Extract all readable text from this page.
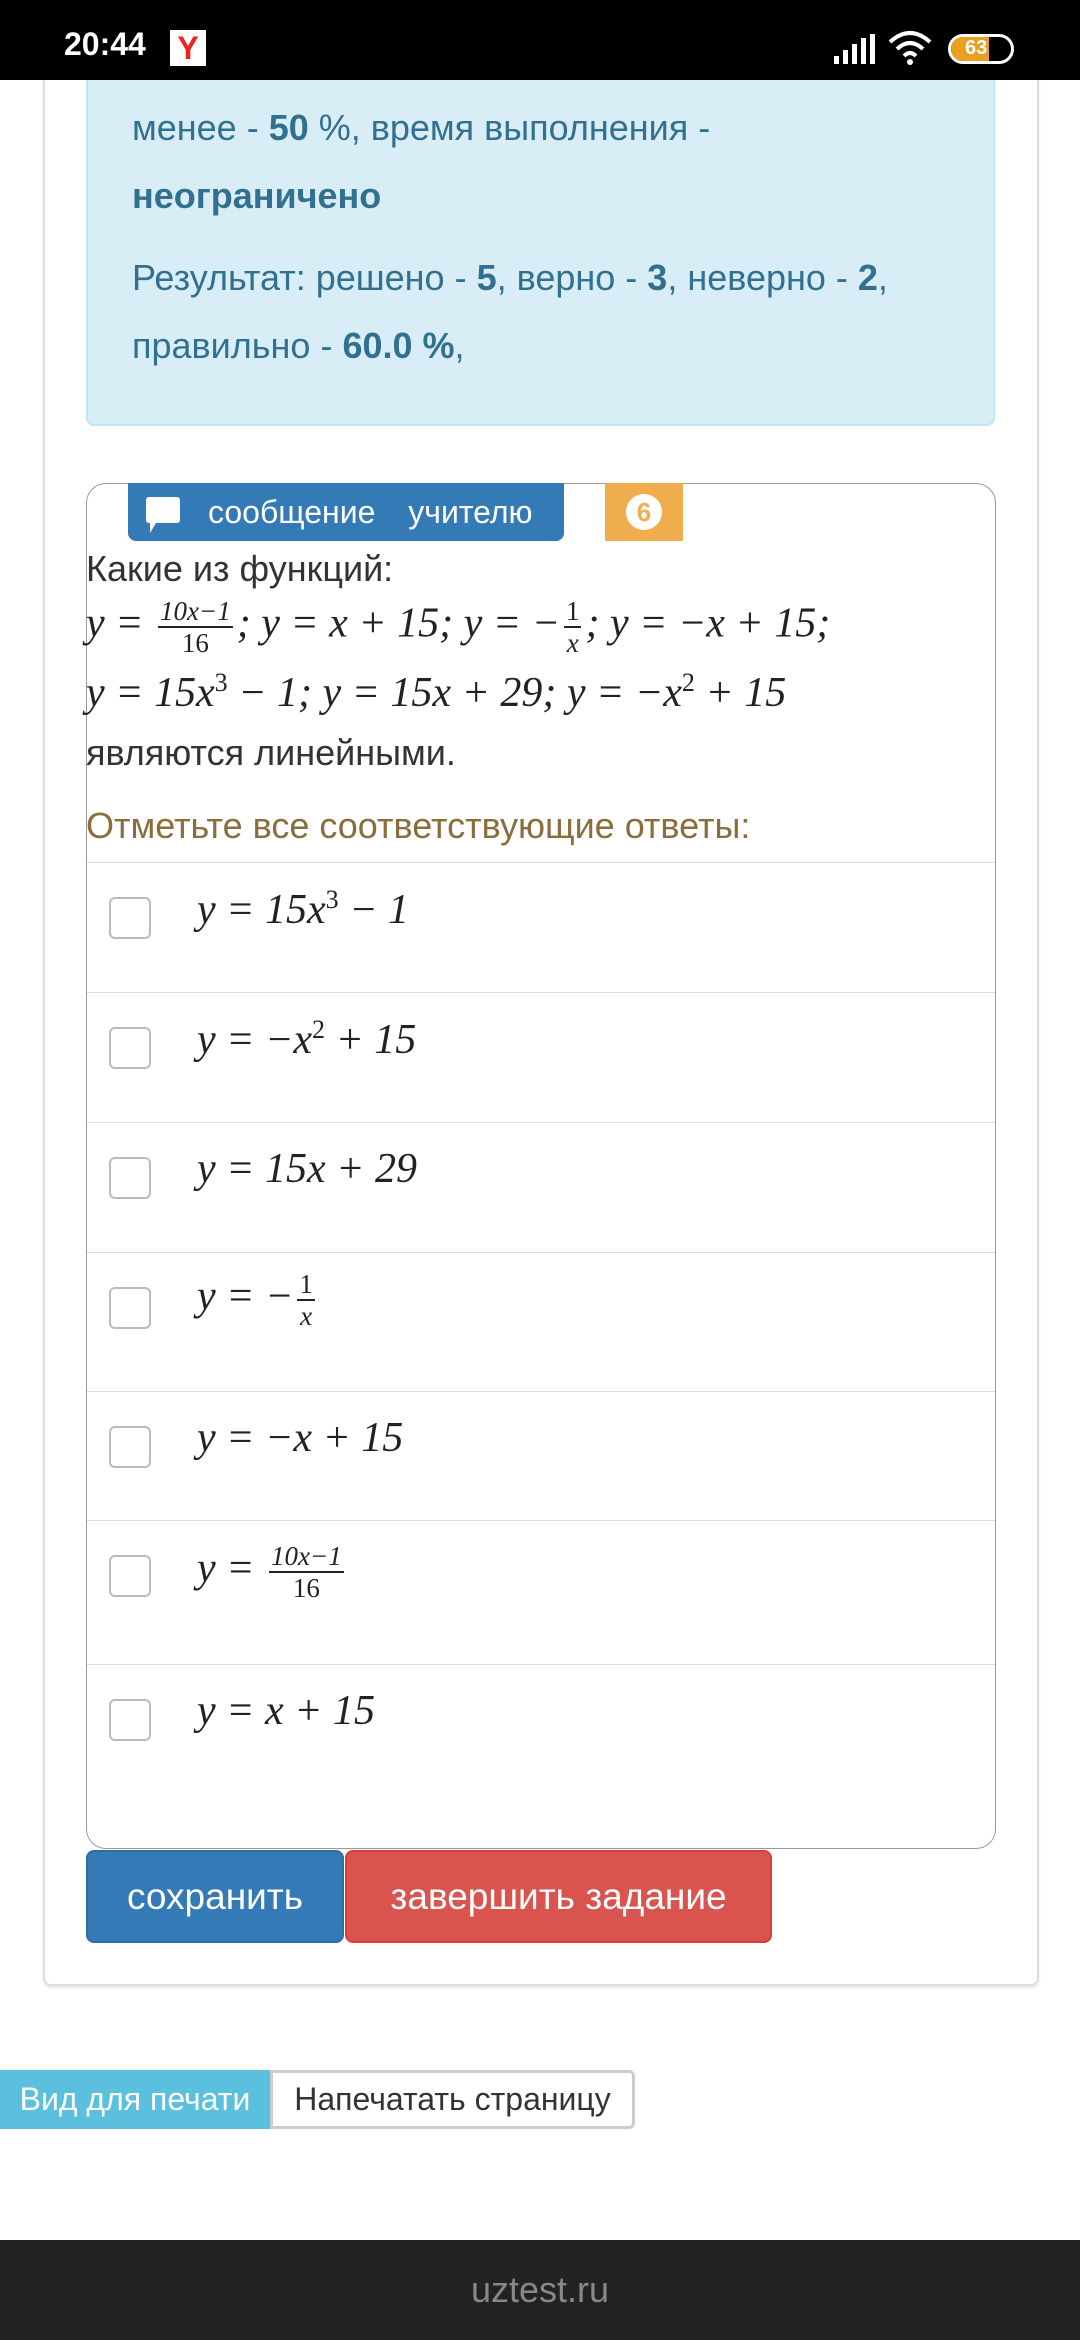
менее - 50 %, время выполнения -
неограничено

Результат: решено - 5, верно - 3, неверно - 2,
правильно - 60.0 %,

20:44 Y	63
сообщение учителю	6
Какие из функций:
$y = \frac{10x-1}{16}$ ; y = x + 15; y = − $\frac{1}{x}$ ; y = −x + 15;
$y = 15x^3 - 1$; y = 15x + 29; $y = -x^2 + 15$
являются линейными.
Отметьте все соответствующие ответы:
$y = 15x^3 - 1$
$y = -x^2 + 15$
y = 15x + 29
y = − $\frac{1}{x}$
y = −x + 15
$y = \frac{10x-1}{16}$
y = x + 15
сохранить	завершить задание
Вид для печати	Напечатать страницу
uztest.ru
